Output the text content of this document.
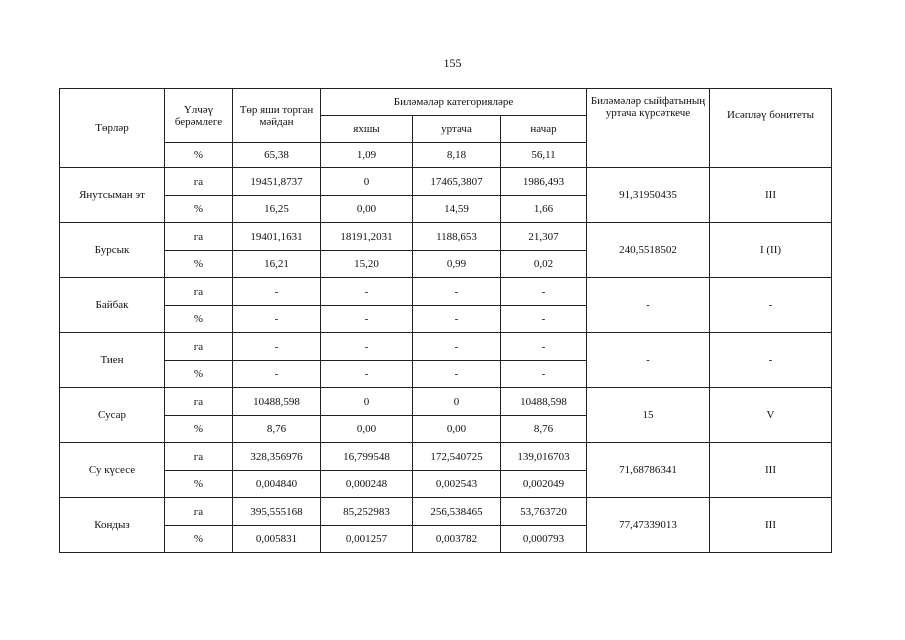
155
Төрләр	Үлчәү берәмлеге	Төр яши торган мәйдан	Биләмәләр категорияләре			Биләмәләр сыйфатының уртача күрсәткече	Исәпләү бонитеты
			яхшы	уртача	начар		
	%	65,38	1,09	8,18	56,11		
Янутсыман эт	га	19451,8737	0	17465,3807	1986,493	91,31950435	III
	%	16,25	0,00	14,59	1,66		
Бурсык	га	19401,1631	18191,2031	1188,653	21,307	240,5518502	I (II)
	%	16,21	15,20	0,99	0,02		
Байбак	га	-	-	-	-	-	-
	%	-	-	-	-		
Тиен	га	-	-	-	-	-	-
	%	-	-	-	-		
Сусар	га	10488,598	0	0	10488,598	15	V
	%	8,76	0,00	0,00	8,76		
Су күсесе	га	328,356976	16,799548	172,540725	139,016703	71,68786341	III
	%	0,004840	0,000248	0,002543	0,002049		
Кондыз	га	395,555168	85,252983	256,538465	53,763720	77,47339013	III
	%	0,005831	0,001257	0,003782	0,000793		
